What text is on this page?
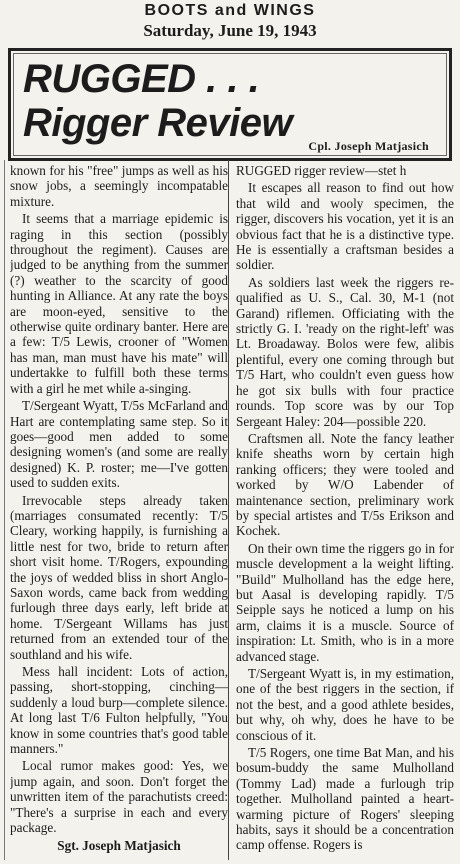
BOOTS and WINGS
Saturday, June 19, 1943
RUGGED . . .
Rigger Review
Cpl. Joseph Matjasich

known for his "free" jumps as well as his snow jobs, a seemingly incompatable mixture.

It seems that a marriage epidemic is raging in this section (possibly throughout the regiment). Causes are judged to be anything from the summer (?) weather to the scarcity of good hunting in Alliance. At any rate the boys are moon-eyed, sensitive to the otherwise quite ordinary banter. Here are a few: T/5 Lewis, crooner of "Women has man, man must have his mate" will undertakke to fulfill both these terms with a girl he met while a-singing.

T/Sergeant Wyatt, T/5s McFarland and Hart are contemplating same step. So it goes—good men added to some designing women's (and some are really designed) K. P. roster; me—I've gotten used to sudden exits.

Irrevocable steps already taken (marriages consumated recently: T/5 Cleary, working happily, is furnishing a little nest for two, bride to return after short visit home. T/Rogers, expounding the joys of wedded bliss in short Anglo-Saxon words, came back from wedding furlough three days early, left bride at home. T/Sergeant Willams has just returned from an extended tour of the southland and his wife.

Mess hall incident: Lots of action, passing, short-stopping, cinching—suddenly a loud burp—complete silence. At long last T/6 Fulton helpfully, "You know in some countries that's good table manners."

Local rumor makes good: Yes, we jump again, and soon. Don't forget the unwritten item of the parachutists creed: "There's a surprise in each and every package.

Sgt. Joseph Matjasich

RUGGED rigger review—stet h

It escapes all reason to find out how that wild and wooly specimen, the rigger, discovers his vocation, yet it is an obvious fact that he is a distinctive type. He is essentially a craftsman besides a soldier.

As soldiers last week the riggers re-qualified as U. S., Cal. 30, M-1 (not Garand) riflemen. Officiating with the strictly G. I. 'ready on the right-left' was Lt. Broadaway. Bolos were few, alibis plentiful, every one coming through but T/5 Hart, who couldn't even guess how he got six bulls with four practice rounds. Top score was by our Top Sergeant Haley: 204—possible 220.

Craftsmen all. Note the fancy leather knife sheaths worn by certain high ranking officers; they were tooled and worked by W/O Labender of maintenance section, preliminary work by special artistes and T/5s Erikson and Kochek.

On their own time the riggers go in for muscle development a la weight lifting. "Build" Mulholland has the edge here, but Aasal is developing rapidly. T/5 Seipple says he noticed a lump on his arm, claims it is a muscle. Source of inspiration: Lt. Smith, who is in a more advanced stage.

T/Sergeant Wyatt is, in my estimation, one of the best riggers in the section, if not the best, and a good athlete besides, but why, oh why, does he have to be conscious of it.

T/5 Rogers, one time Bat Man, and his bosum-buddy the same Mulholland (Tommy Lad) made a furlough trip together. Mulholland painted a heart-warming picture of Rogers' sleeping habits, says it should be a concentration camp offense. Rogers is
